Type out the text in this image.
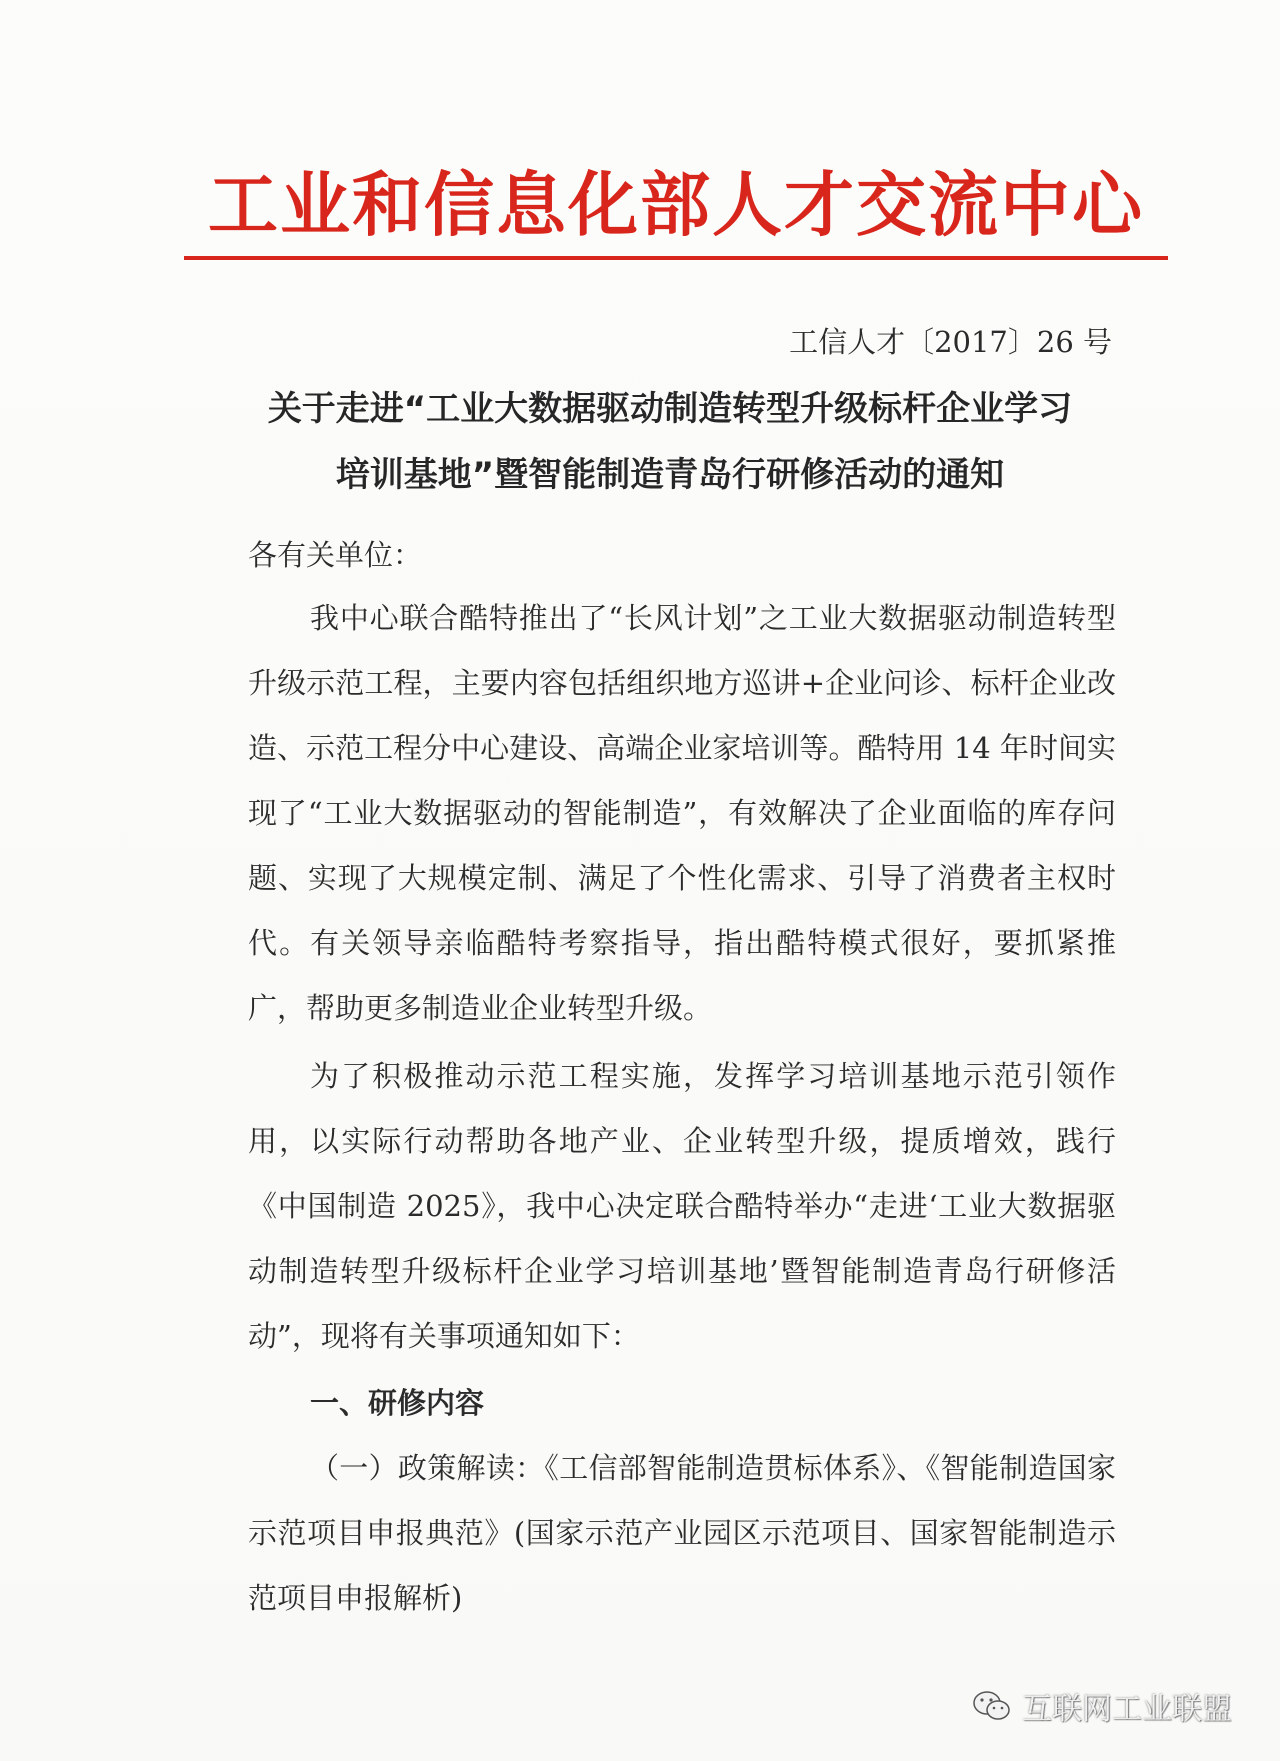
工业和信息化部人才交流中心
工信人才〔2017〕26 号
关于走进“工业大数据驱动制造转型升级标杆企业学习
培训基地”暨智能制造青岛行研修活动的通知
各有关单位：
我中心联合酷特推出了“长风计划”之工业大数据驱动制造转型升级示范工程，主要内容包括组织地方巡讲+企业问诊、标杆企业改造、示范工程分中心建设、高端企业家培训等。酷特用 14 年时间实现了“工业大数据驱动的智能制造”，有效解决了企业面临的库存问题、实现了大规模定制、满足了个性化需求、引导了消费者主权时代。有关领导亲临酷特考察指导，指出酷特模式很好，要抓紧推广，帮助更多制造业企业转型升级。
为了积极推动示范工程实施，发挥学习培训基地示范引领作用，以实际行动帮助各地产业、企业转型升级，提质增效，践行《中国制造 2025》，我中心决定联合酷特举办“走进‘工业大数据驱动制造转型升级标杆企业学习培训基地’暨智能制造青岛行研修活动”，现将有关事项通知如下：
一、研修内容
（一）政策解读：《工信部智能制造贯标体系》、《智能制造国家示范项目申报典范》(国家示范产业园区示范项目、国家智能制造示范项目申报解析)
互联网工业联盟
